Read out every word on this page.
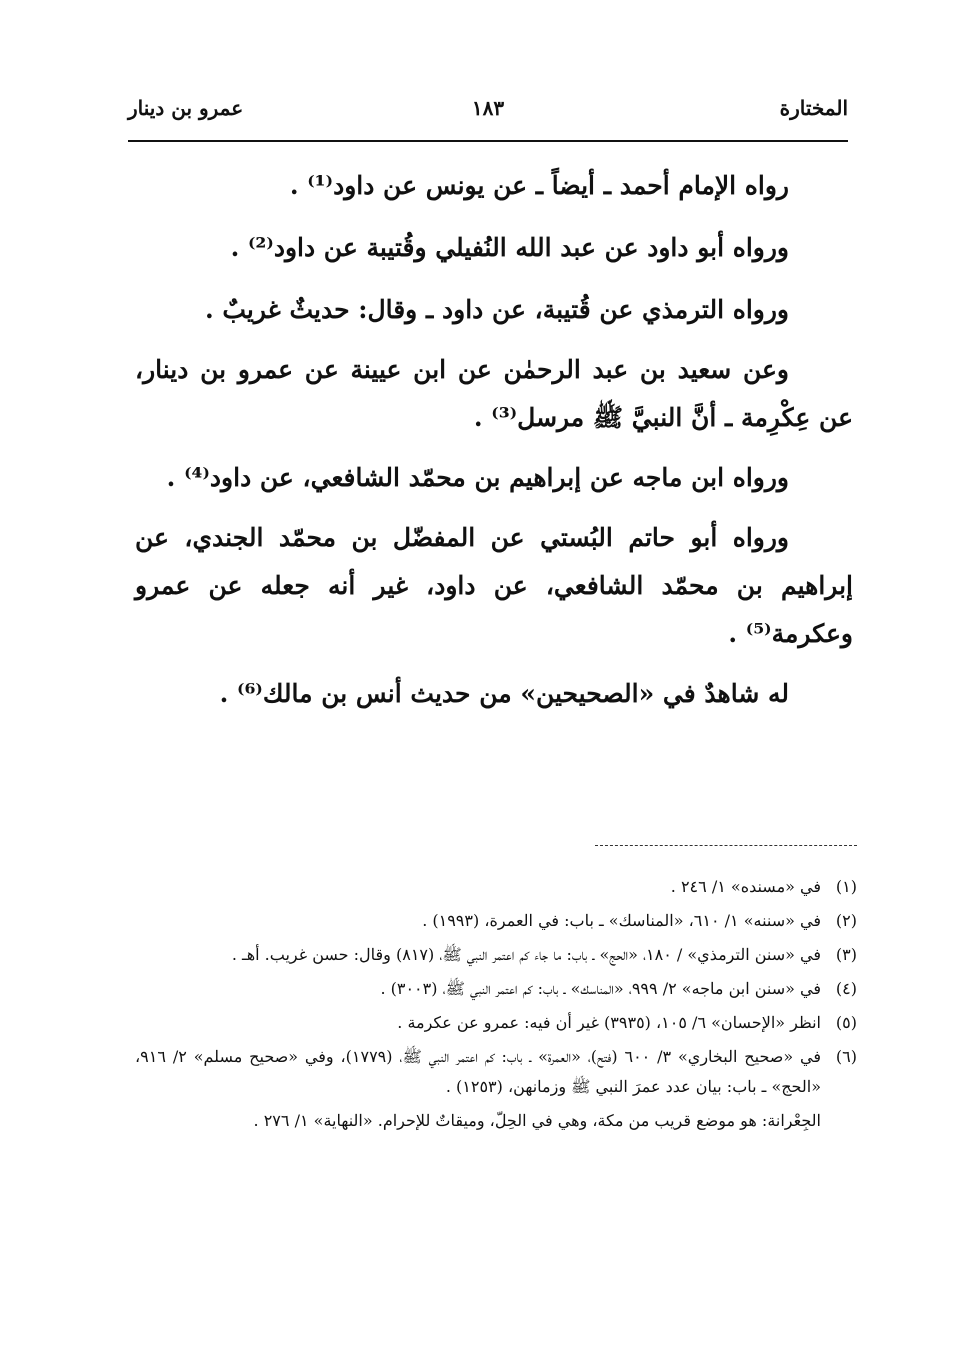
المختارة
١٨٣
عمرو بن دينار

رواه الإمام أحمد ـ أيضاً ـ عن يونس عن داود⁽¹⁾ .

ورواه أبو داود عن عبد الله النُفيلي وقُتيبة عن داود⁽²⁾ .

ورواه الترمذي عن قُتيبة، عن داود ـ وقال: حديثٌ غريبٌ .

وعن سعيد بن عبد الرحمٰن عن ابن عيينة عن عمرو بن دينار، عن عِكْرِمة ـ أنَّ النبيَّ ﷺ مرسل⁽³⁾ .

ورواه ابن ماجه عن إبراهيم بن محمّد الشافعي، عن داود⁽⁴⁾ .

ورواه أبو حاتم البُستي عن المفضّل بن محمّد الجندي، عن إبراهيم بن محمّد الشافعي، عن داود، غير أنه جعله عن عمرو وعكرمة⁽⁵⁾ .

له شاهدٌ في «الصحيحين» من حديث أنس بن مالك⁽⁶⁾ .

(١)
في «مسنده» ١/ ٢٤٦ .
(٢)
في «سننه» ١/ ٦١٠، «المناسك» ـ باب: في العمرة، (١٩٩٣) .
(٣)
في «سنن الترمذي» / ١٨٠، «الحج» ـ باب: ما جاء كم اعتمر النبي ﷺ، (٨١٧) وقال: حسن غريب. أهـ .
(٤)
في «سنن ابن ماجه» ٢/ ٩٩٩، «المناسك» ـ باب: كم اعتمر النبي ﷺ، (٣٠٠٣) .
(٥)
انظر «الإحسان» ٦/ ١٠٥، (٣٩٣٥) غير أن فيه: عمرو عن عكرمة .
(٦)
في «صحيح البخاري» ٣/ ٦٠٠ (فتح)، «العمرة» ـ باب: كم اعتمر النبي ﷺ، (١٧٧٩)، وفي «صحيح مسلم» ٢/ ٩١٦، «الحج» ـ باب: بيان عدد عمرَ النبي ﷺ وزمانهن، (١٢٥٣) .
الجِعْرانة: هو موضع قريب من مكة، وهي في الحِلّ، وميقاتٌ للإحرام. «النهاية» ١/ ٢٧٦ .
